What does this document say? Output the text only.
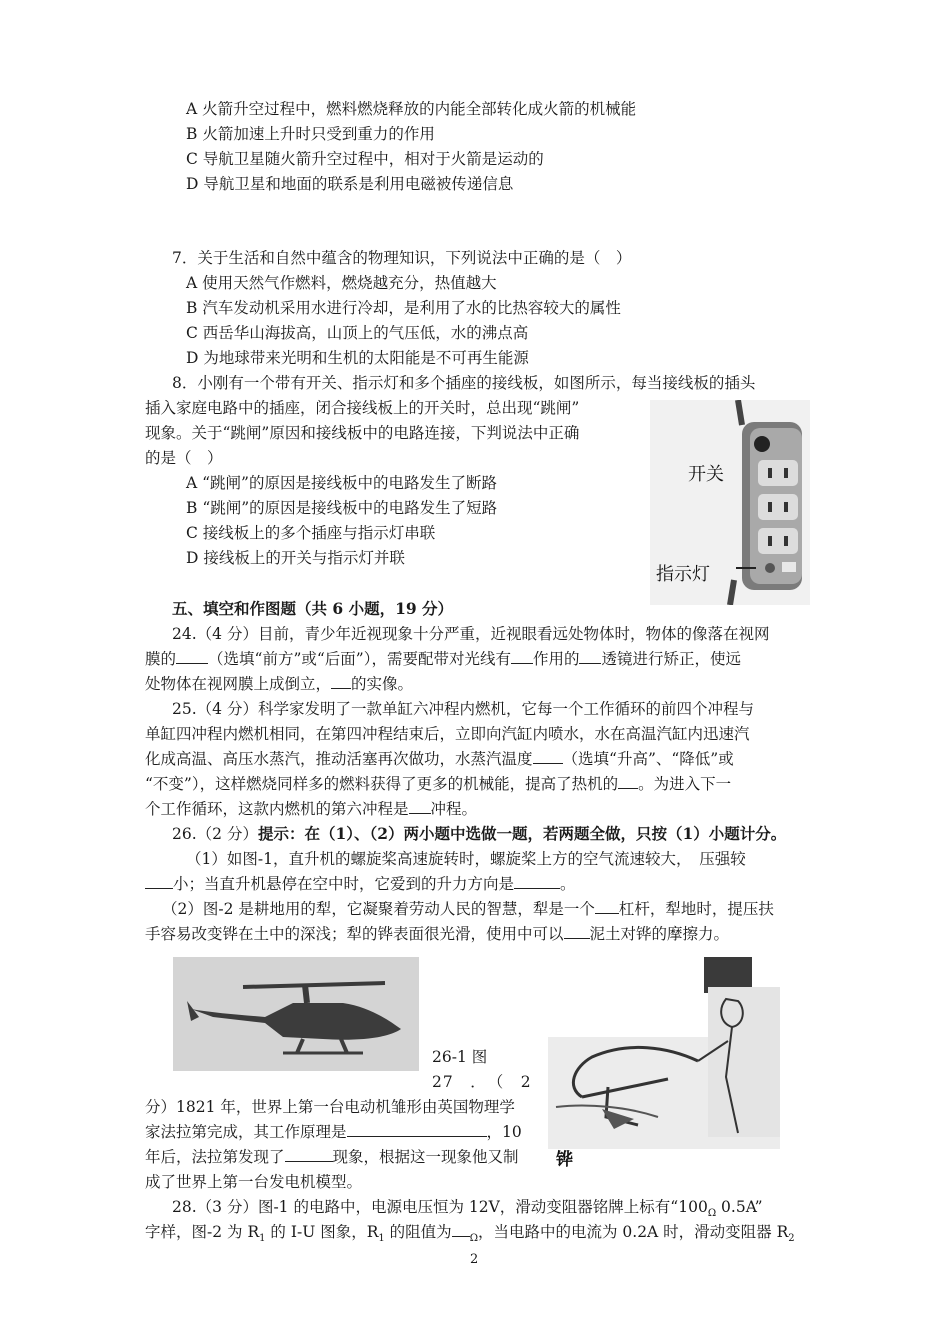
A 火箭升空过程中，燃料燃烧释放的内能全部转化成火箭的机械能
B 火箭加速上升时只受到重力的作用
C 导航卫星随火箭升空过程中，相对于火箭是运动的
D 导航卫星和地面的联系是利用电磁被传递信息
7．关于生活和自然中蕴含的物理知识，下列说法中正确的是（　）
A 使用天然气作燃料，燃烧越充分，热值越大
B 汽车发动机采用水进行冷却，是利用了水的比热容较大的属性
C 西岳华山海拔高，山顶上的气压低，水的沸点高
D 为地球带来光明和生机的太阳能是不可再生能源
8．小刚有一个带有开关、指示灯和多个插座的接线板，如图所示，每当接线板的插头
插入家庭电路中的插座，闭合接线板上的开关时，总出现“跳闸”
现象。关于“跳闸”原因和接线板中的电路连接，下判说法中正确
的是（　）
A “跳闸”的原因是接线板中的电路发生了断路
B “跳闸”的原因是接线板中的电路发生了短路
C 接线板上的多个插座与指示灯串联
D 接线板上的开关与指示灯并联
开关
指示灯
五、填空和作图题（共 6 小题，19 分）
24.（4 分）目前，青少年近视现象十分严重，近视眼看远处物体时，物体的像落在视网
膜的 （选填“前方”或“后面”），需要配带对光线有 作用的 透镜进行矫正，使远
处物体在视网膜上成倒立， 的实像。
25.（4 分）科学家发明了一款单缸六冲程内燃机，它每一个工作循环的前四个冲程与
单缸四冲程内燃机相同，在第四冲程结束后，立即向汽缸内喷水，水在高温汽缸内迅速汽
化成高温、高压水蒸汽，推动活塞再次做功，水蒸汽温度 （选填“升高”、“降低”或
“不变”），这样燃烧同样多的燃料获得了更多的机械能，提高了热机的 。为进入下一
个工作循环，这款内燃机的第六冲程是 冲程。
26.（2 分）提示：在（1）、（2）两小题中选做一题，若两题全做，只按（1）小题计分。
（1）如图-1，直升机的螺旋桨高速旋转时，螺旋桨上方的空气流速较大，　压强较
小；当直升机悬停在空中时，它爱到的升力方向是	。
（2）图-2 是耕地用的犁，它凝聚着劳动人民的智慧，犁是一个 杠杆，犁地时，提压扶
手容易改变铧在土中的深浅；犁的铧表面很光滑，使用中可以 泥土对铧的摩擦力。
26-1 图
铧
27　．　（　2
分）1821 年，世界上第一台电动机雏形由英国物理学
家法拉第完成，其工作原理是	，10
年后，法拉第发现了	现象，根据这一现象他又制
成了世界上第一台发电机模型。
28.（3 分）图-1 的电路中，电源电压恒为 12V，滑动变阻器铭牌上标有“$100_\Omega$ 0.5A”
字样，图-2 为 $R_1$ 的 I-U 图象，$R_1$ 的阻值为 $_\Omega$，当电路中的电流为 0.2A 时，滑动变阻器 $R_2$
2
